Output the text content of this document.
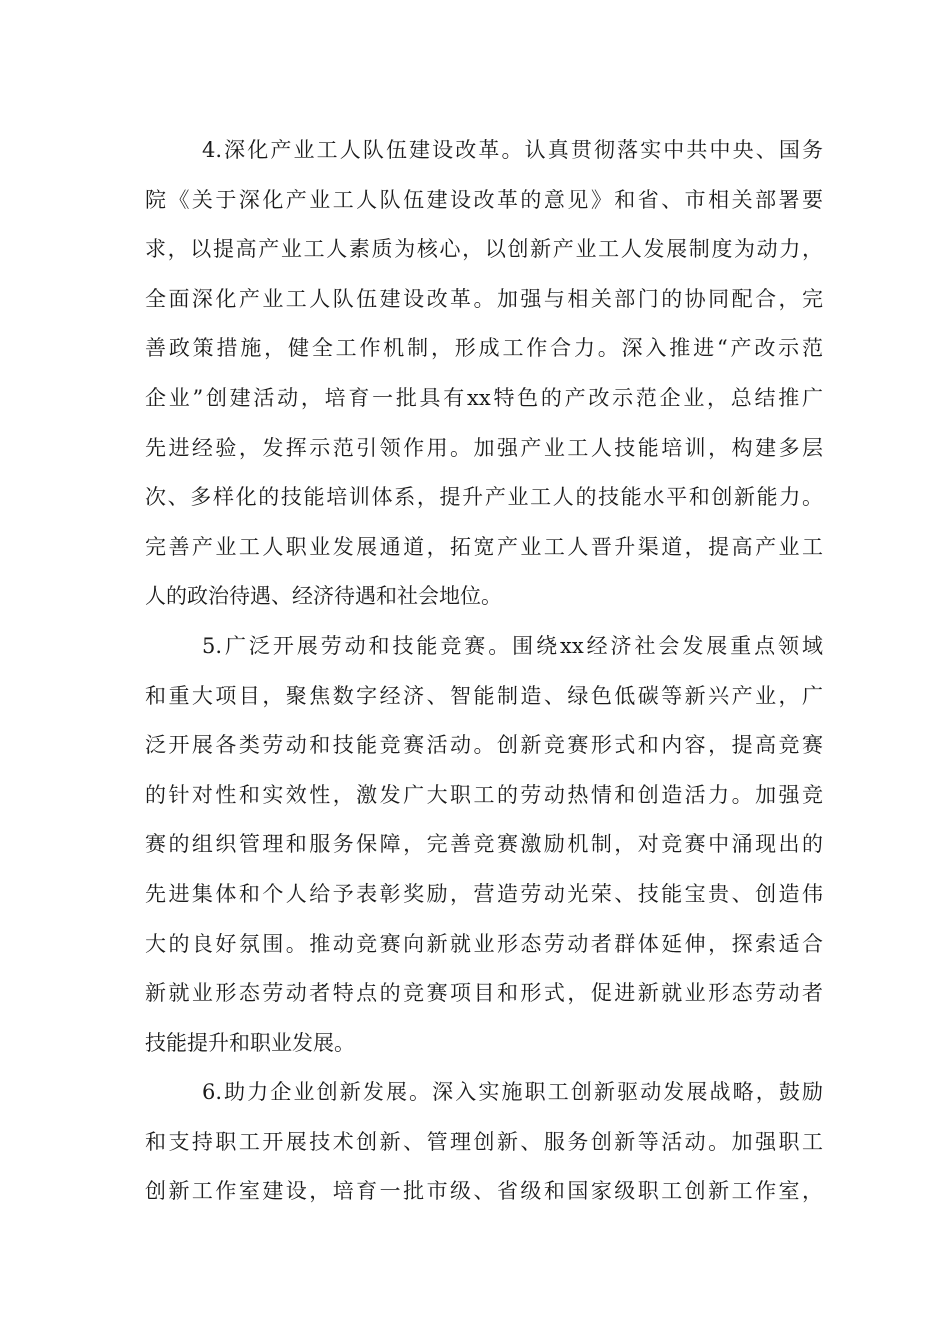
4.深化产业工人队伍建设改革。认真贯彻落实中共中央、国务
院《关于深化产业工人队伍建设改革的意见》和省、市相关部署要
求，以提高产业工人素质为核心，以创新产业工人发展制度为动力，
全面深化产业工人队伍建设改革。加强与相关部门的协同配合，完
善政策措施，健全工作机制，形成工作合力。深入推进“产改示范
企业”创建活动，培育一批具有xx特色的产改示范企业，总结推广
先进经验，发挥示范引领作用。加强产业工人技能培训，构建多层
次、多样化的技能培训体系，提升产业工人的技能水平和创新能力。
完善产业工人职业发展通道，拓宽产业工人晋升渠道，提高产业工
人的政治待遇、经济待遇和社会地位。
5.广泛开展劳动和技能竞赛。围绕xx经济社会发展重点领域
和重大项目，聚焦数字经济、智能制造、绿色低碳等新兴产业，广
泛开展各类劳动和技能竞赛活动。创新竞赛形式和内容，提高竞赛
的针对性和实效性，激发广大职工的劳动热情和创造活力。加强竞
赛的组织管理和服务保障，完善竞赛激励机制，对竞赛中涌现出的
先进集体和个人给予表彰奖励，营造劳动光荣、技能宝贵、创造伟
大的良好氛围。推动竞赛向新就业形态劳动者群体延伸，探索适合
新就业形态劳动者特点的竞赛项目和形式，促进新就业形态劳动者
技能提升和职业发展。
6.助力企业创新发展。深入实施职工创新驱动发展战略，鼓励
和支持职工开展技术创新、管理创新、服务创新等活动。加强职工
创新工作室建设，培育一批市级、省级和国家级职工创新工作室，
